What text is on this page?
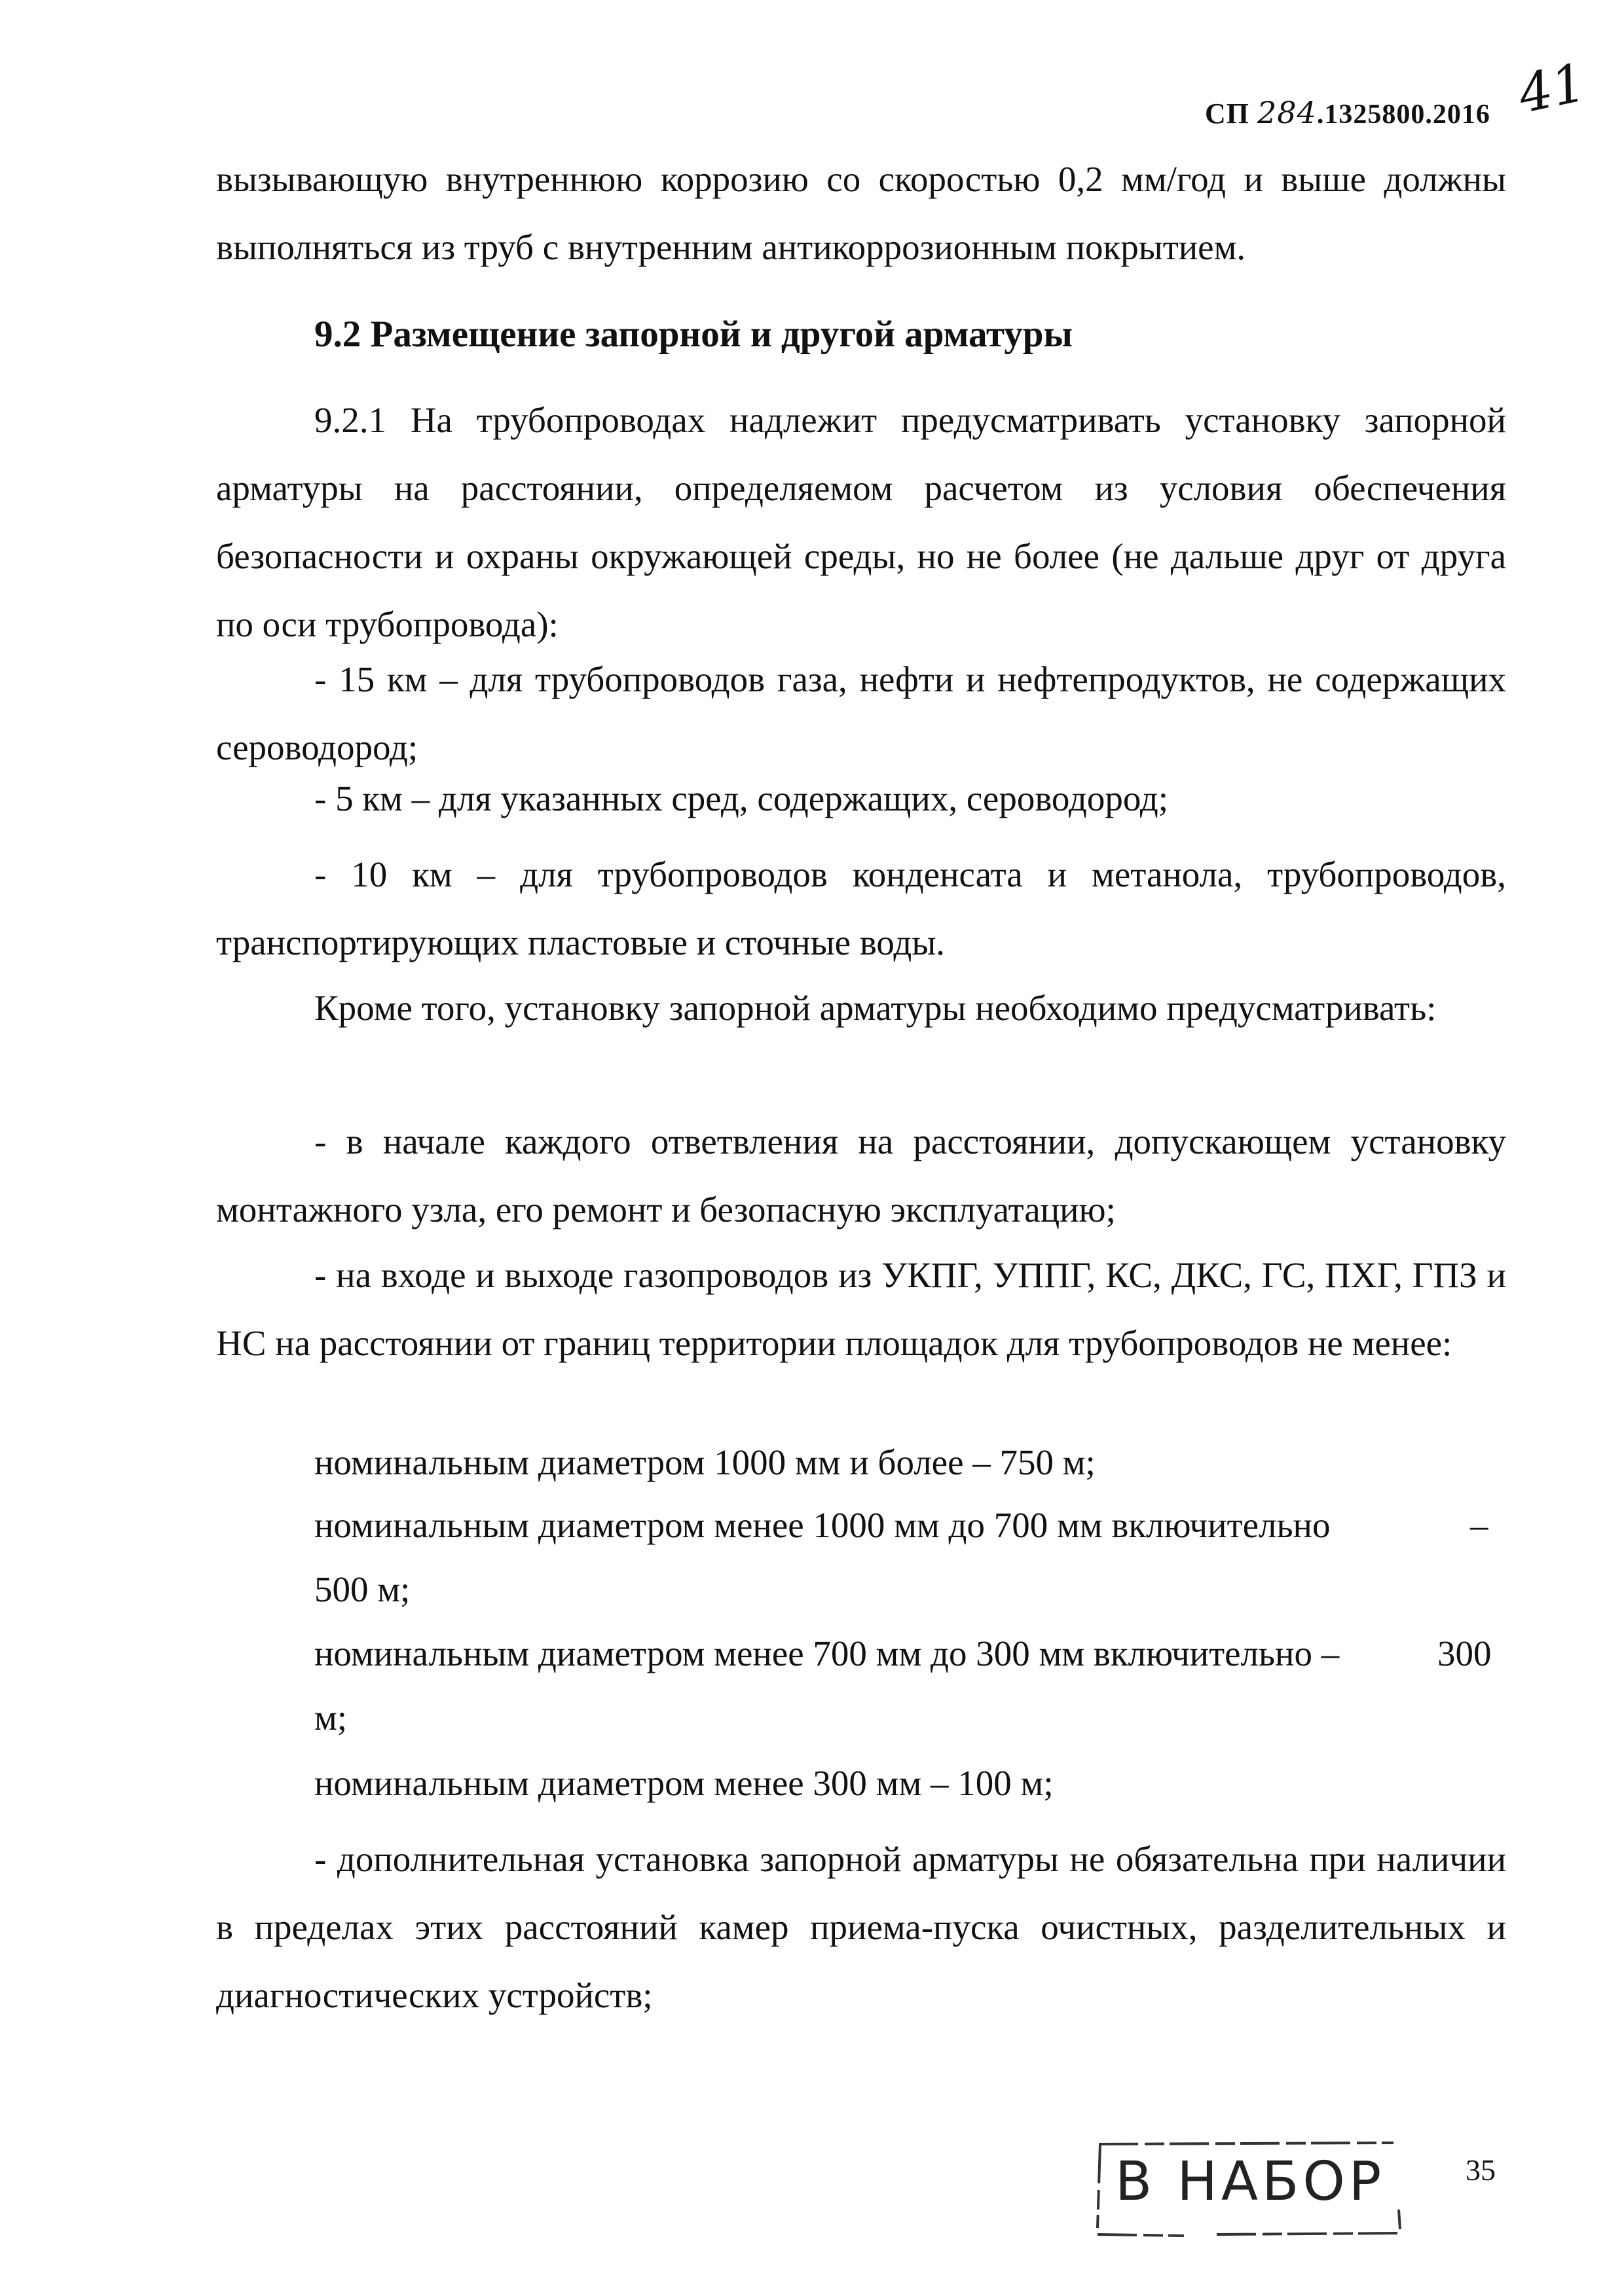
СП 284.1325800.2016 41
вызывающую внутреннюю коррозию со скоростью 0,2 мм/год и выше должны выполняться из труб с внутренним антикоррозионным покрытием.
9.2 Размещение запорной и другой арматуры
9.2.1 На трубопроводах надлежит предусматривать установку запорной арматуры на расстоянии, определяемом расчетом из условия обеспечения безопасности и охраны окружающей среды, но не более (не дальше друг от друга по оси трубопровода):
- 15 км – для трубопроводов газа, нефти и нефтепродуктов, не содержащих сероводород;
- 5 км – для указанных сред, содержащих, сероводород;
- 10 км – для трубопроводов конденсата и метанола, трубопроводов, транспортирующих пластовые и сточные воды.
Кроме того, установку запорной арматуры необходимо предусматривать:
- в начале каждого ответвления на расстоянии, допускающем установку монтажного узла, его ремонт и безопасную эксплуатацию;
- на входе и выходе газопроводов из УКПГ, УППГ, КС, ДКС, ГС, ПХГ, ГПЗ и НС на расстоянии от границ территории площадок для трубопроводов не менее:
номинальным диаметром 1000 мм и более – 750 м;
номинальным диаметром менее 1000 мм до 700 мм включительно	–
500 м;
номинальным диаметром менее 700 мм до 300 мм включительно –	300
м;
номинальным диаметром менее 300 мм – 100 м;
- дополнительная установка запорной арматуры не обязательна при наличии в пределах этих расстояний камер приема-пуска очистных, разделительных и диагностических устройств;
В НАБОР	35
